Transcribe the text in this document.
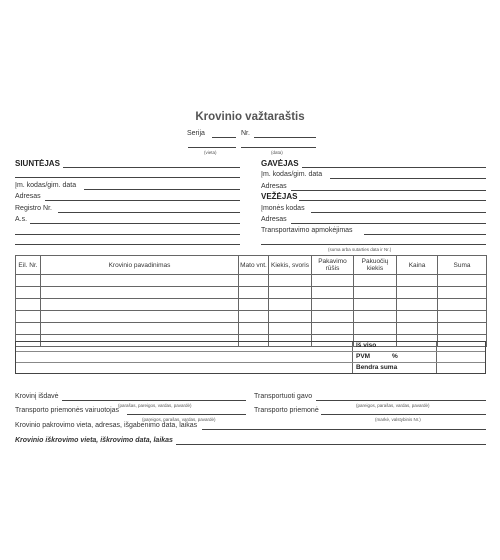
Krovinio važtaraštis
Serija	Nr.
(vieta)	(data)
SIUNTĖJAS
Įm. kodas/gim. data
Adresas
Registro Nr.
A.s.
GAVĖJAS
Įm. kodas/gim. data
Adresas
VEŽĖJAS
Įmonės kodas
Adresas
Transportavimo apmokėjimas
(suma arba sutarties data ir Nr.)
Eil. Nr.	Krovinio pavadinimas	Mato vnt.	Kiekis, svoris	Pakavimo rūšis	Pakuočių kiekis	Kaina	Suma

Iš viso
PVM	%
Bendra suma
Krovinį išdavė
(parašas, pareigos, vardas, pavardė)
Transportuoti gavo
(pareigos, parašas, vardas, pavardė)
Transporto priemonės vairuotojas
(pareigos, parašas, vardas, pavardė)
Transporto priemonė
(markė, valstybinis Nr.)
Krovinio pakrovimo vieta, adresas, išgabenimo data, laikas
Krovinio iškrovimo vieta, iškrovimo data, laikas
